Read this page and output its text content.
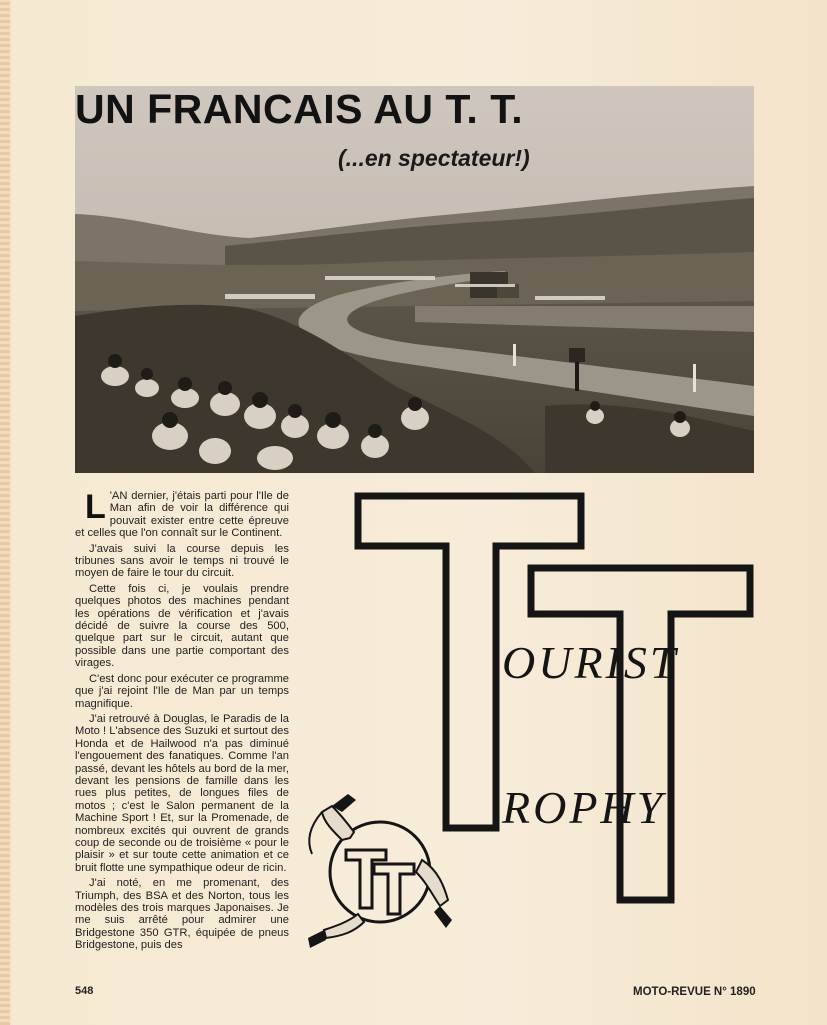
UN FRANCAIS AU T. T.
(...en spectateur!)

L 'AN dernier, j'étais parti pour l'Ile de Man afin de voir la différence qui pouvait exister entre cette épreuve et celles que l'on connaît sur le Continent.

J'avais suivi la course depuis les tribunes sans avoir le temps ni trouvé le moyen de faire le tour du circuit.

Cette fois ci, je voulais prendre quelques photos des machines pendant les opérations de vérification et j'avais décidé de suivre la course des 500, quelque part sur le circuit, autant que possible dans une partie comportant des virages.

C'est donc pour exécuter ce programme que j'ai rejoint l'Ile de Man par un temps magnifique.

J'ai retrouvé à Douglas, le Paradis de la Moto ! L'absence des Suzuki et surtout des Honda et de Hailwood n'a pas diminué l'engouement des fanatiques. Comme l'an passé, devant les hôtels au bord de la mer, devant les pensions de famille dans les rues plus petites, de longues files de motos ; c'est le Salon permanent de la Machine Sport ! Et, sur la Promenade, de nombreux excités qui ouvrent de grands coup de seconde ou de troisième « pour le plaisir » et sur toute cette animation et ce bruit flotte une sympathique odeur de ricin.

J'ai noté, en me promenant, des Triumph, des BSA et des Norton, tous les modèles des trois marques Japonaises. Je me suis arrêté pour admirer une Bridgestone 350 GTR, équipée de pneus Bridgestone, puis des

OURIST
ROPHY
548	MOTO-REVUE N° 1890
